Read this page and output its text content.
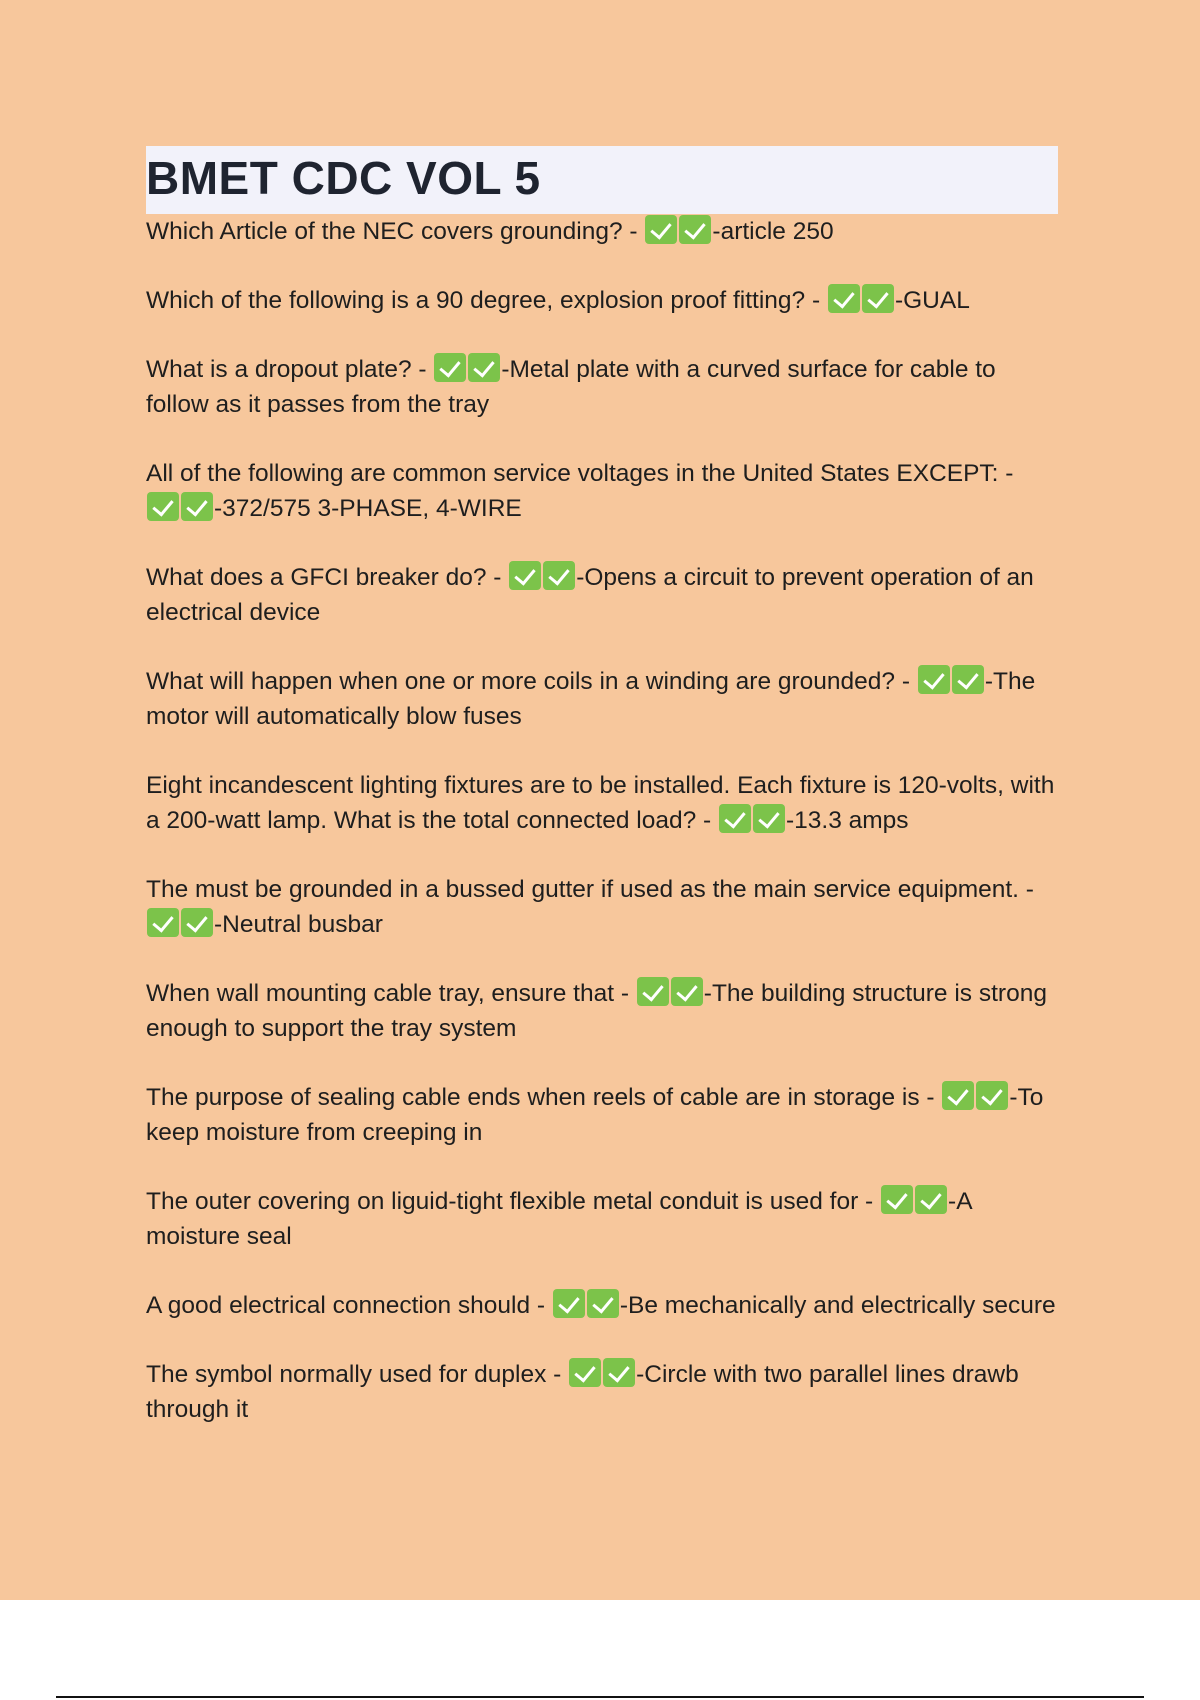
BMET CDC VOL 5

Which Article of the NEC covers grounding? -	-article 250

Which of the following is a 90 degree, explosion proof fitting? -	-GUAL

What is a dropout plate? -	-Metal plate with a curved surface for cable to follow as it passes from the tray

All of the following are common service voltages in the United States EXCEPT: - -372/575 3-PHASE, 4-WIRE

What does a GFCI breaker do? -	-Opens a circuit to prevent operation of an electrical device

What will happen when one or more coils in a winding are grounded? -	-The motor will automatically blow fuses

Eight incandescent lighting fixtures are to be installed. Each fixture is 120-volts, with a 200-watt lamp. What is the total connected load? -	-13.3 amps

The must be grounded in a bussed gutter if used as the main service equipment. - -Neutral busbar

When wall mounting cable tray, ensure that -	-The building structure is strong enough to support the tray system

The purpose of sealing cable ends when reels of cable are in storage is -	-To keep moisture from creeping in

The outer covering on liguid-tight flexible metal conduit is used for -	-A moisture seal

A good electrical connection should -	-Be mechanically and electrically secure

The symbol normally used for duplex -	-Circle with two parallel lines drawb through it
